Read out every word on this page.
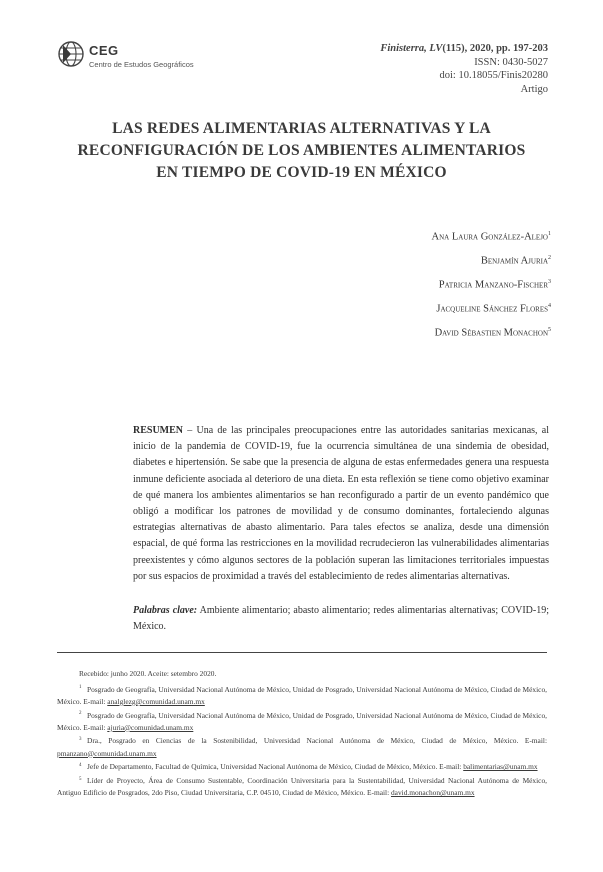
CEG
Centro de Estudos Geográficos
Finisterra, LV(115), 2020, pp. 197-203
ISSN: 0430-5027
doi: 10.18055/Finis20280
Artigo
LAS REDES ALIMENTARIAS ALTERNATIVAS Y LA
RECONFIGURACIÓN DE LOS AMBIENTES ALIMENTARIOS
EN TIEMPO DE COVID-19 EN MÉXICO
Ana Laura González-Alejo$^1$
Benjamín Ajuria$^2$
Patricia Manzano-Fischer$^3$
Jacqueline Sánchez Flores$^4$
David Sébastien Monachon$^5$
RESUMEN – Una de las principales preocupaciones entre las autoridades sanitarias mexicanas, al inicio de la pandemia de COVID-19, fue la ocurrencia simultánea de una sindemia de obesidad, diabetes e hipertensión. Se sabe que la presencia de alguna de estas enfermedades genera una respuesta inmune deficiente asociada al deterioro de una dieta. En esta reflexión se tiene como objetivo examinar de qué manera los ambientes alimentarios se han reconfigurado a partir de un evento pandémico que obligó a modificar los patrones de movilidad y de consumo dominantes, fortaleciendo algunas estrategias alternativas de abasto alimentario. Para tales efectos se analiza, desde una dimensión espacial, de qué forma las restricciones en la movilidad recrudecieron las vulnerabilidades alimentarias preexistentes y cómo algunos sectores de la población superan las limitaciones territoriales impuestas por sus espacios de proximidad a través del establecimiento de redes alimentarias alternativas.
Palabras clave: Ambiente alimentario; abasto alimentario; redes alimentarias alternativas; COVID-19; México.
Recebido: junho 2020. Aceite: setembro 2020.
1 Posgrado de Geografía, Universidad Nacional Autónoma de México, Unidad de Posgrado, Universidad Nacional Autónoma de México, Ciudad de México, México. E-mail: analglezg@comunidad.unam.mx
2 Posgrado de Geografía, Universidad Nacional Autónoma de México, Unidad de Posgrado, Universidad Nacional Autónoma de México, Ciudad de México, México. E-mail: ajuria@comunidad.unam.mx
3 Dra., Posgrado en Ciencias de la Sostenibilidad, Universidad Nacional Autónoma de México, Ciudad de México, México. E-mail: pmanzano@comunidad.unam.mx
4 Jefe de Departamento, Facultad de Química, Universidad Nacional Autónoma de México, Ciudad de México, México. E-mail: balimentarias@unam.mx
5 Líder de Proyecto, Área de Consumo Sustentable, Coordinación Universitaria para la Sustentabilidad, Universidad Nacional Autónoma de México, Antiguo Edificio de Posgrados, 2do Piso, Ciudad Universitaria, C.P. 04510, Ciudad de México, México. E-mail: david.monachon@unam.mx
